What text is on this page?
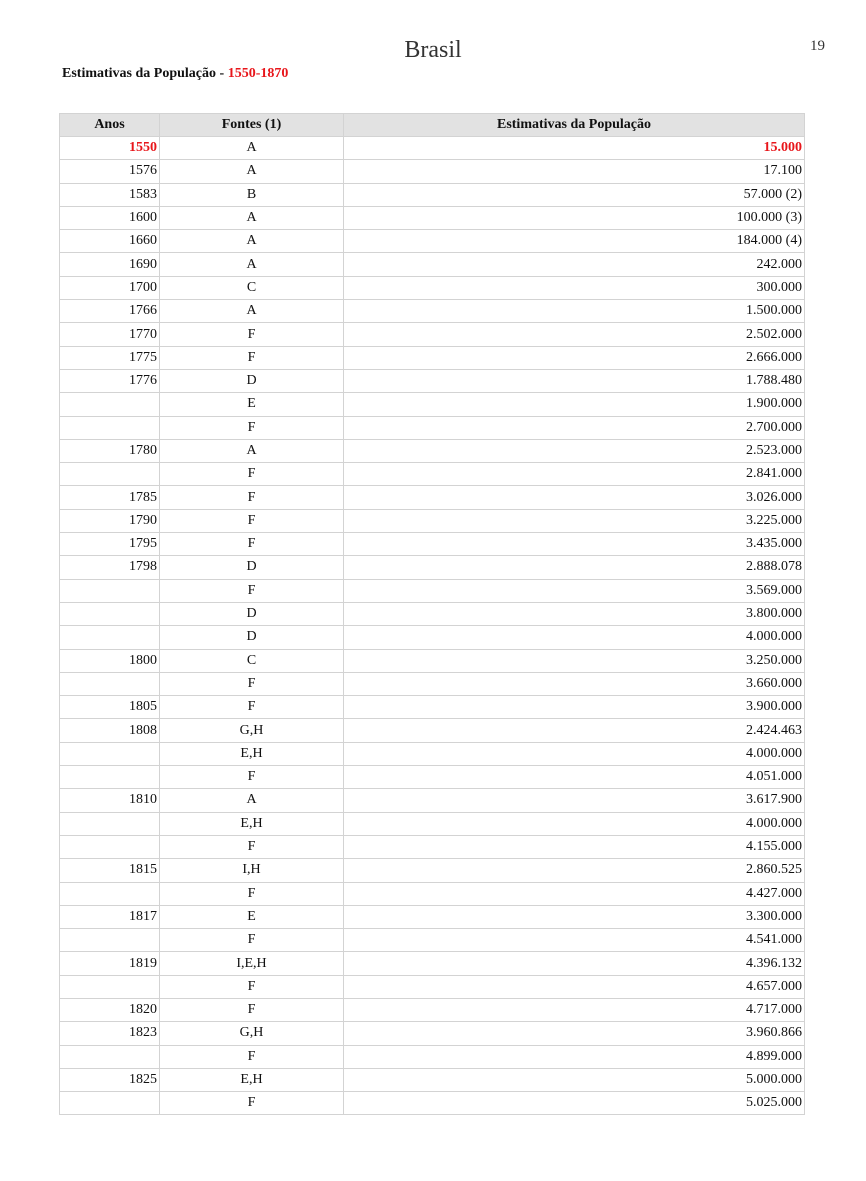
Brasil	19
Estimativas da População - 1550-1870
Anos	Fontes (1)	Estimativas da População
1550	A	15.000
1576	A	17.100
1583	B	57.000 (2)
1600	A	100.000 (3)
1660	A	184.000 (4)
1690	A	242.000
1700	C	300.000
1766	A	1.500.000
1770	F	2.502.000
1775	F	2.666.000
1776	D	1.788.480
	E	1.900.000
	F	2.700.000
1780	A	2.523.000
	F	2.841.000
1785	F	3.026.000
1790	F	3.225.000
1795	F	3.435.000
1798	D	2.888.078
	F	3.569.000
	D	3.800.000
	D	4.000.000
1800	C	3.250.000
	F	3.660.000
1805	F	3.900.000
1808	G,H	2.424.463
	E,H	4.000.000
	F	4.051.000
1810	A	3.617.900
	E,H	4.000.000
	F	4.155.000
1815	I,H	2.860.525
	F	4.427.000
1817	E	3.300.000
	F	4.541.000
1819	I,E,H	4.396.132
	F	4.657.000
1820	F	4.717.000
1823	G,H	3.960.866
	F	4.899.000
1825	E,H	5.000.000
	F	5.025.000
